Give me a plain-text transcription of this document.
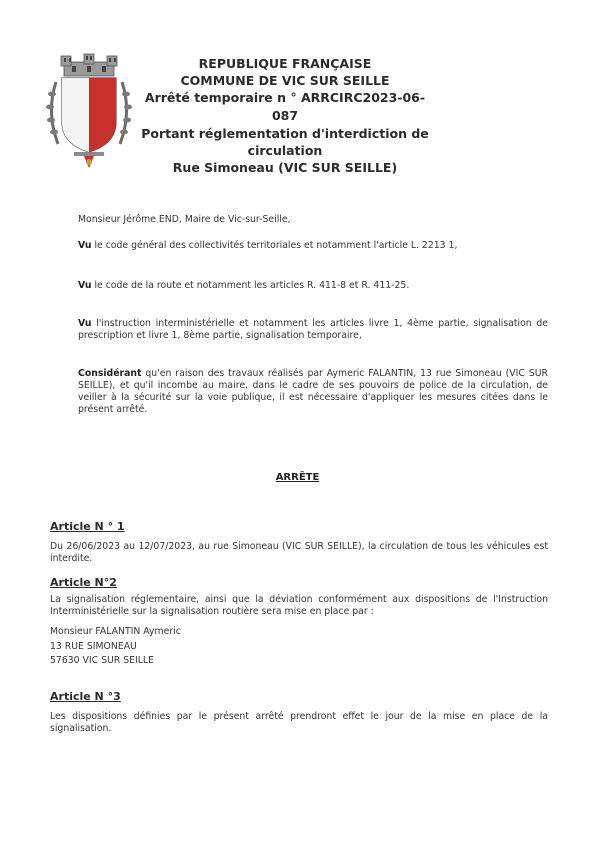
REPUBLIQUE FRANÇAISE
COMMUNE DE VIC SUR SEILLE
Arrêté temporaire n ° ARRCIRC2023-06-087
Portant réglementation d'interdiction de circulation
Rue Simoneau (VIC SUR SEILLE)
Monsieur Jérôme END, Maire de Vic-sur-Seille,
Vu le code général des collectivités territoriales et notamment l'article L. 2213 1,
Vu le code de la route et notamment les articles R. 411-8 et R. 411-25.
Vu l'instruction interministérielle et notamment les articles livre 1, 4ème partie, signalisation de prescription et livre 1, 8ème partie, signalisation temporaire,
Considérant qu'en raison des travaux réalisés par Aymeric FALANTIN, 13 rue Simoneau (VIC SUR SEILLE), et qu'il incombe au maire, dans le cadre de ses pouvoirs de police de la circulation, de veiller à la sécurité sur la voie publique, il est nécessaire d'appliquer les mesures citées dans le présent arrêté.
ARRÊTE
Article N ° 1
Du 26/06/2023 au 12/07/2023, au rue Simoneau (VIC SUR SEILLE), la circulation de tous les véhicules est interdite.
Article N°2
La signalisation réglementaire, ainsi que la déviation conformément aux dispositions de l'Instruction Interministérielle sur la signalisation routière sera mise en place par :
Monsieur FALANTIN Aymeric
13 RUE SIMONEAU
57630 VIC SUR SEILLE
Article N °3
Les dispositions définies par le présent arrêté prendront effet le jour de la mise en place de la signalisation.
